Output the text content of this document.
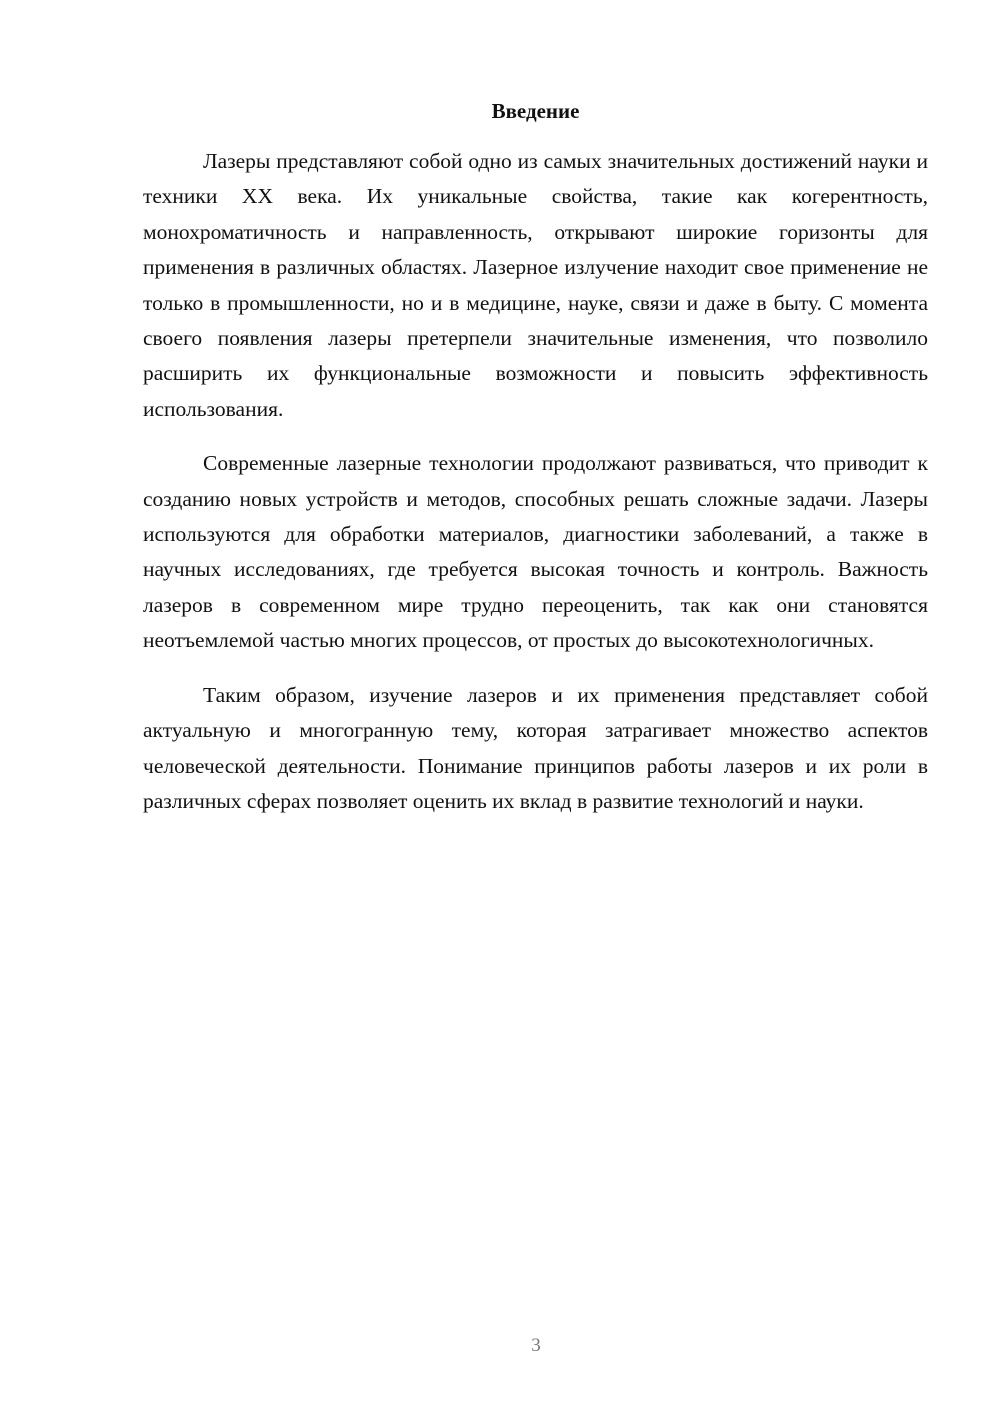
Введение

Лазеры представляют собой одно из самых значительных достижений науки и техники XX века. Их уникальные свойства, такие как когерентность, монохроматичность и направленность, открывают широкие горизонты для применения в различных областях. Лазерное излучение находит свое применение не только в промышленности, но и в медицине, науке, связи и даже в быту. С момента своего появления лазеры претерпели значительные изменения, что позволило расширить их функциональные возможности и повысить эффективность использования.

Современные лазерные технологии продолжают развиваться, что приводит к созданию новых устройств и методов, способных решать сложные задачи. Лазеры используются для обработки материалов, диагностики заболеваний, а также в научных исследованиях, где требуется высокая точность и контроль. Важность лазеров в современном мире трудно переоценить, так как они становятся неотъемлемой частью многих процессов, от простых до высокотехнологичных.

Таким образом, изучение лазеров и их применения представляет собой актуальную и многогранную тему, которая затрагивает множество аспектов человеческой деятельности. Понимание принципов работы лазеров и их роли в различных сферах позволяет оценить их вклад в развитие технологий и науки.

3
